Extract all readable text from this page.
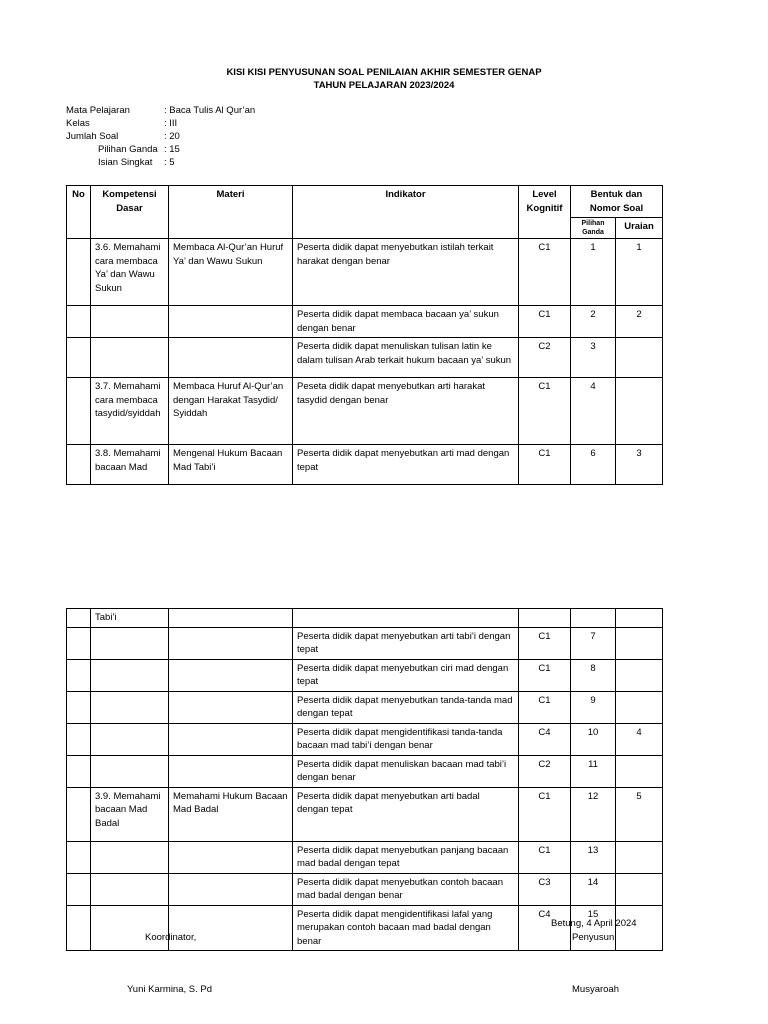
KISI KISI PENYUSUNAN SOAL PENILAIAN AKHIR SEMESTER GENAP
TAHUN PELAJARAN 2023/2024
Mata Pelajaran	: Baca Tulis Al Qur’an
Kelas	: III
Jumlah Soal	: 20
Pilihan Ganda : 15
Isian Singkat : 5
No	Kompetensi Dasar	Materi	Indikator	Level Kognitif	Bentuk dan Nomor Soal	
					Pilihan Ganda	Uraian
	3.6. Memahami cara membaca Ya’ dan Wawu Sukun	Membaca Al-Qur’an Huruf Ya’ dan Wawu Sukun	Peserta didik dapat menyebutkan istilah terkait harakat dengan benar	C1	1	1
			Peserta didik dapat membaca bacaan ya’ sukun dengan benar	C1	2	2
			Peserta didik dapat menuliskan tulisan latin ke dalam tulisan Arab terkait hukum bacaan ya’ sukun	C2	3	
	3.7. Memahami cara membaca tasydid/syiddah	Membaca Huruf Al-Qur’an dengan Harakat Tasydid/ Syiddah	Peseta didik dapat menyebutkan arti harakat tasydid dengan benar	C1	4	
	3.8. Memahami bacaan Mad	Mengenal Hukum Bacaan Mad Tabi’i	Peserta didik dapat menyebutkan arti mad dengan tepat	C1	6	3
	Tabi’i					
			Peserta didik dapat menyebutkan arti tabi’i dengan tepat	C1	7	
			Peserta didik dapat menyebutkan ciri mad dengan tepat	C1	8	
			Peserta didik dapat menyebutkan tanda-tanda mad dengan tepat	C1	9	
			Peserta didik dapat mengidentifikasi tanda-tanda bacaan mad tabi’i dengan benar	C4	10	4
			Peserta didik dapat menuliskan bacaan mad tabi’i dengan benar	C2	11	
	3.9. Memahami bacaan Mad Badal	Memahami Hukum Bacaan Mad Badal	Peserta didik dapat menyebutkan arti badal dengan tepat	C1	12	5
			Peserta didik dapat menyebutkan panjang bacaan mad badal dengan tepat	C1	13	
			Peserta didik dapat menyebutkan contoh bacaan mad badal dengan benar	C3	14	
			Peserta didik dapat mengidentifikasi lafal yang merupakan contoh bacaan mad badal dengan benar	C4	15	
Betung, 4 April 2024
Koordinator,	Penyusun,
Yuni Karmina, S. Pd	Musyaroah
